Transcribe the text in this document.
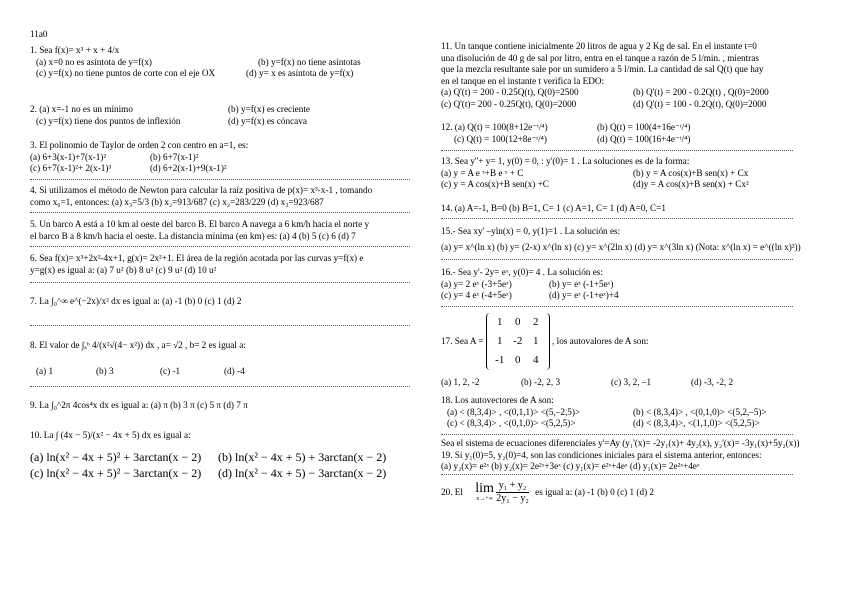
11a0
1. Sea f(x)= x³ + x + 4/x
(a) x=0 no es asíntota de y=f(x)	(b) y=f(x) no tiene asíntotas
(c) y=f(x) no tiene puntos de corte con el eje OX	(d) y= x es asíntota de y=f(x)
2. (a) x=-1 no es un mínimo	(b) y=f(x) es creciente
(c) y=f(x) tiene dos puntos de inflexión	(d) y=f(x) es cóncava
3. El polinomio de Taylor de orden 2 con centro en a=1, es:
(a) 6+3(x-1)+7(x-1)²	(b) 6+7(x-1)²
(c) 6+7(x-1)²+ 2(x-1)³	(d) 6+2(x-1)+9(x-1)²
4. Si utilizamos el método de Newton para calcular la raíz positiva de p(x)= x³-x-1 , tomando
como x₀=1, entonces: (a) x₃=5/3 (b) x₂=913/687 (c) x₂=283/229 (d) x₃=923/687
5. Un barco A está a 10 km al oeste del barco B. El barco A navega a 6 km/h hacia el norte y
el barco B a 8 km/h hacia el oeste. La distancia mínima (en km) es: (a) 4 (b) 5 (c) 6 (d) 7
6. Sea f(x)= x³+2x²-4x+1, g(x)= 2x²+1. El área de la región acotada por las curvas y=f(x) e
y=g(x) es igual a: (a) 7 u² (b) 8 u² (c) 9 u² (d) 10 u²
7. La ∫₀^∞ e^(−2x)/x² dx es igual a: (a) -1 (b) 0 (c) 1 (d) 2
8. El valor de ∫ₐᵇ 4/(x²√(4− x²)) dx , a= √2 , b= 2 es igual a:
(a) 1	(b) 3	(c) -1	(d) -4
9. La ∫₀^2π 4cos⁴x dx es igual a: (a) π (b) 3 π (c) 5 π (d) 7 π
10. La ∫ (4x − 5)/(x² − 4x + 5) dx es igual a:
(a) ln(x² − 4x + 5)² + 3arctan(x − 2) (b) ln(x² − 4x + 5) + 3arctan(x − 2)
(c) ln(x² − 4x + 5)² − 3arctan(x − 2) (d) ln(x² − 4x + 5) − 3arctan(x − 2)
11. Un tanque contiene inicialmente 20 litros de agua y 2 Kg de sal. En el instante t=0
una disolución de 40 g de sal por litro, entra en el tanque a razón de 5 l/min. , mientras
que la mezcla resultante sale por un sumidero a 5 l/min. La cantidad de sal Q(t) que hay
en el tanque en el instante t verifica la EDO:
(a) Q'(t) = 200 - 0.25Q(t), Q(0)=2500	(b) Q'(t) = 200 - 0.2Q(t) , Q(0)=2000
(c) Q'(t)= 200 - 0.25Q(t), Q(0)=2000	(d) Q'(t) = 100 - 0.2Q(t), Q(0)=2000
12. (a) Q(t) = 100(8+12e⁻ᵗ/⁴)	(b) Q(t) = 100(4+16e⁻ᵗ/⁴)
(c) Q(t) = 100(12+8e⁻ᵗ/⁴)	(d) Q(t) = 100(16+4e⁻ᵗ/⁴)
13. Sea y''+ y= 1, y(0) = 0, : y'(0)= 1 . La soluciones es de la forma:
(a) y = A e ˣ+B e ˣ + C	(b) y = A cos(x)+B sen(x) + Cx
(c) y = A cos(x)+B sen(x) +C	(d)y = A cos(x)+B sen(x) + Cx²
14. (a) A=-1, B=0 (b) B=1, C= 1 (c) A=1, C= 1 (d) A=0, C=1
15.- Sea xy' –yln(x) = 0, y(1)=1 . La solución es:
(a) y= x^(ln x) (b) y= (2-x) x^(ln x) (c) y= x^(2ln x) (d) y= x^(3ln x) (Nota: x^(ln x) = e^((ln x)²))
16.- Sea y'- 2y= eˣ, y(0)= 4 . La solución es:
(a) y= 2 eˣ (-3+5eˣ)	(b) y= eˣ (-1+5eˣ)
(c) y= 4 eˣ (-4+5eˣ)	(d) y= eˣ (-1+eˣ)+4
17. Sea A =
1 0 2
1 -2 1
-1 0 4
, los autovalores de A son:
(a) 1, 2, -2	(b) -2, 2, 3	(c) 3, 2, –1	(d) -3, -2, 2
18. Los autovectores de A son:
(a) < (8,3,4)> , <(0,1,1)> <(5,–2,5)>	(b) < (8,3,4)> , <(0,1,0)> <(5,2,–5)>
(c) < (8,3,4)> , <(0,1,0)> <(5,2,5)>	(d) < (8,3,4)>, <(1,1,0)> <(5,2,5)>
Sea el sistema de ecuaciones diferenciales y'=Ay (y₁'(x)= -2y₁(x)+ 4y₂(x), y₂'(x)= -3y₁(x)+5y₂(x))
19. Si y₁(0)=5, y₂(0)=4, son las condiciones iniciales para el sistema anterior, entonces:
(a) y₂(x)= e²ˣ (b) y₂(x)= 2e²ˣ+3eˣ (c) y₁(x)= e²ˣ+4eˣ (d) y₁(x)= 2e²ˣ+4eˣ
20. El lim
x→+∞
$\frac{\text{y₁ + y₂}}{\text{2y₁ − y₂}}$ es igual a: (a) -1 (b) 0 (c) 1 (d) 2
